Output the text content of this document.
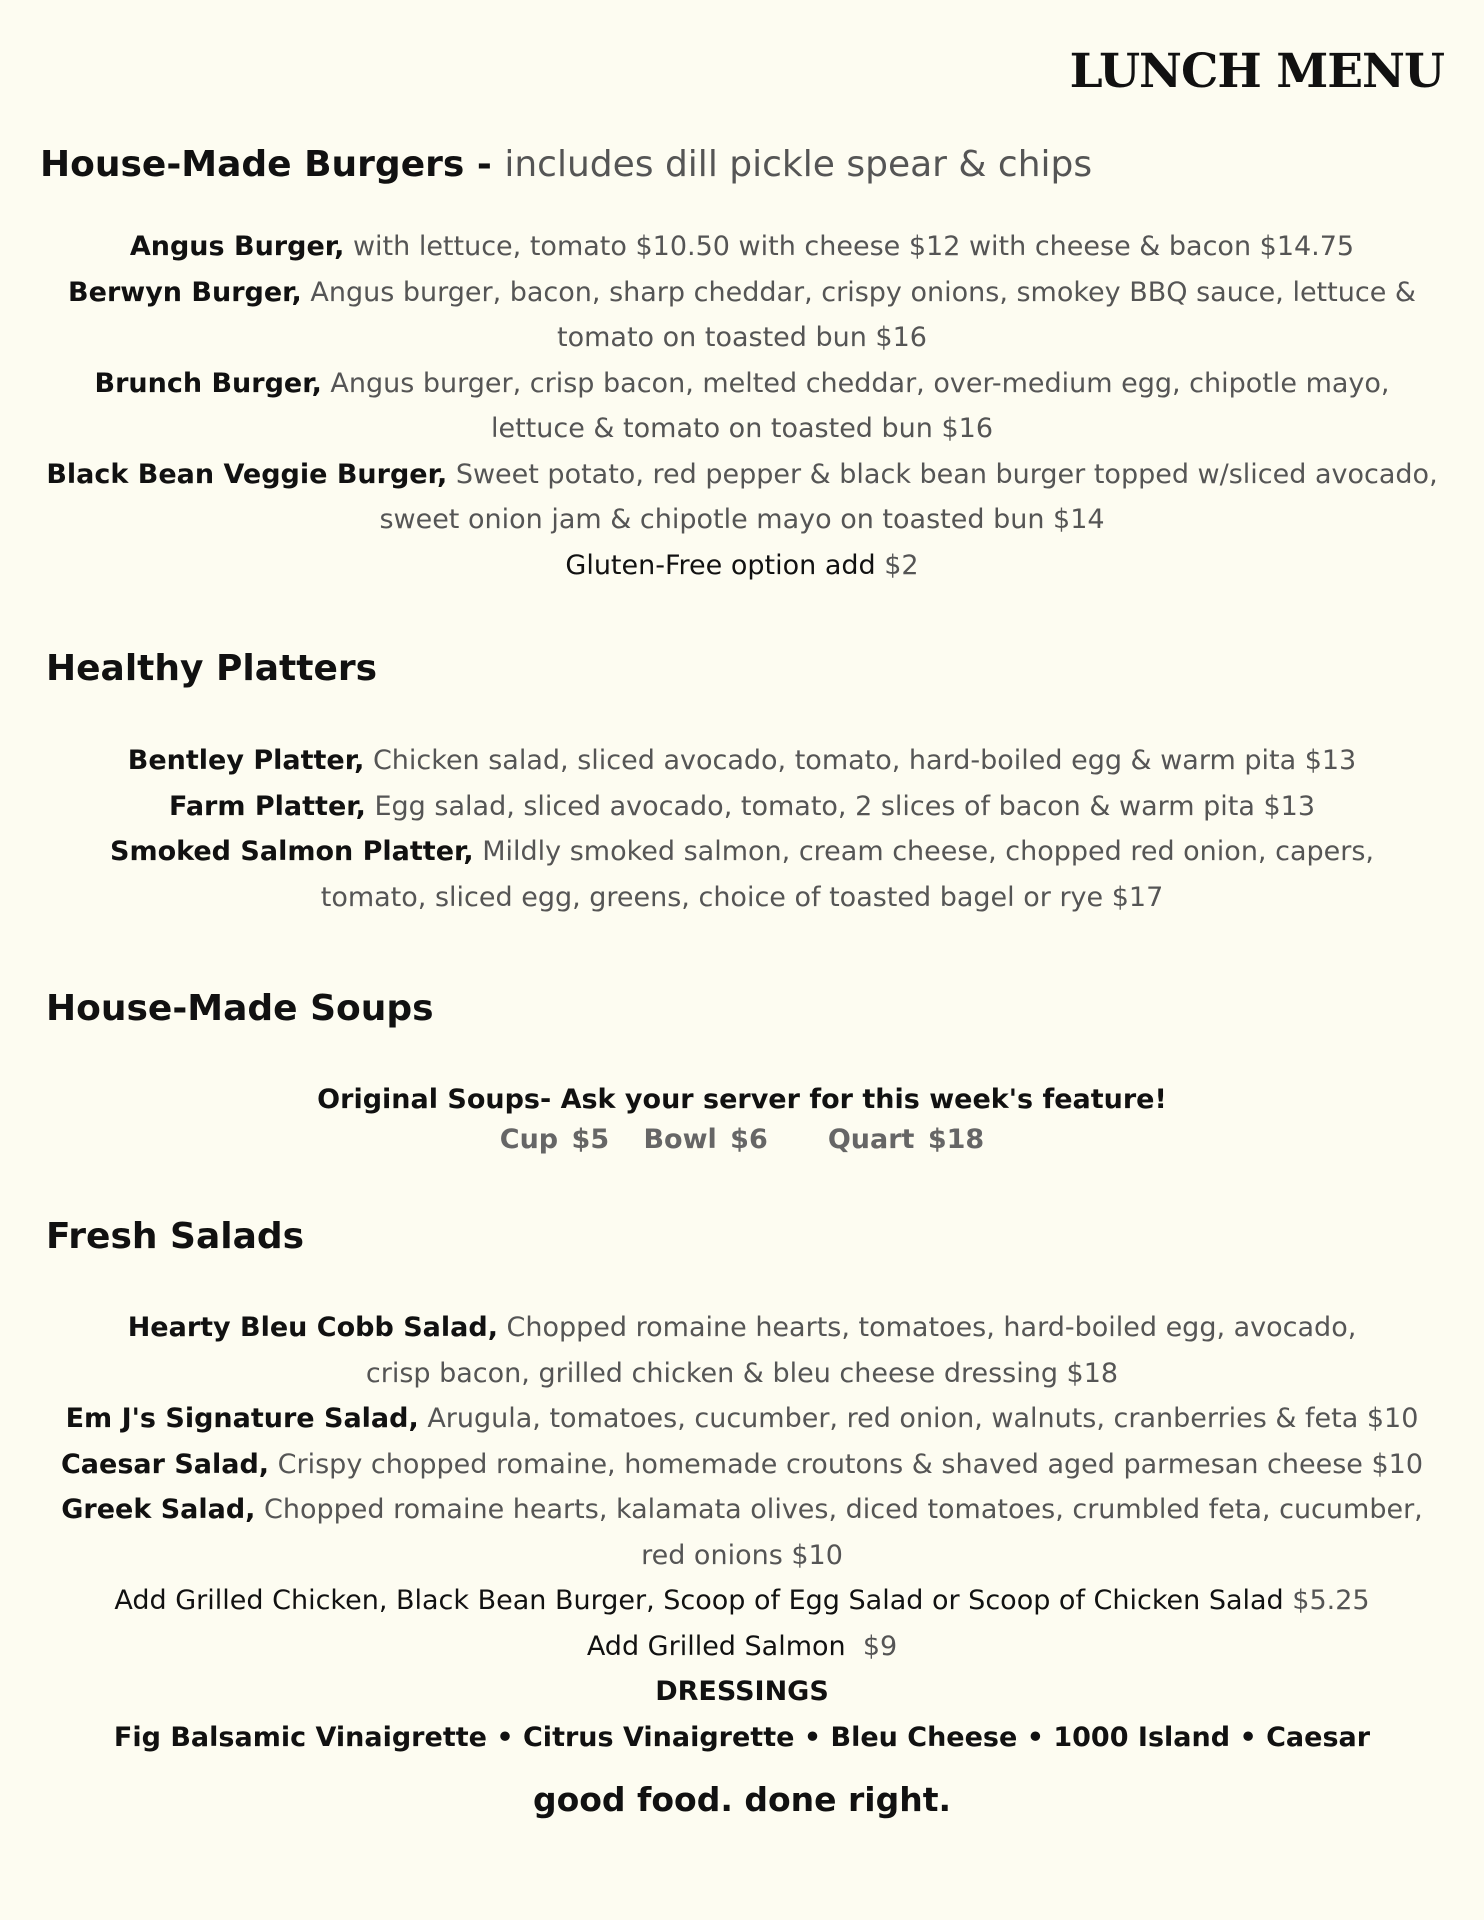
LUNCH MENU
House-Made Burgers - includes dill pickle spear & chips
Angus Burger, with lettuce, tomato $10.50 with cheese $12 with cheese & bacon $14.75
Berwyn Burger, Angus burger, bacon, sharp cheddar, crispy onions, smokey BBQ sauce, lettuce &
tomato on toasted bun $16
Brunch Burger, Angus burger, crisp bacon, melted cheddar, over-medium egg, chipotle mayo,
lettuce & tomato on toasted bun $16
Black Bean Veggie Burger, Sweet potato, red pepper & black bean burger topped w/sliced avocado,
sweet onion jam & chipotle mayo on toasted bun $14
Gluten-Free option add $2
Healthy Platters
Bentley Platter, Chicken salad, sliced avocado, tomato, hard-boiled egg & warm pita $13
Farm Platter, Egg salad, sliced avocado, tomato, 2 slices of bacon & warm pita $13
Smoked Salmon Platter, Mildly smoked salmon, cream cheese, chopped red onion, capers,
tomato, sliced egg, greens, choice of toasted bagel or rye $17
House-Made Soups
Original Soups- Ask your server for this week's feature!
Cup $5 Bowl $6 Quart $18
Fresh Salads
Hearty Bleu Cobb Salad, Chopped romaine hearts, tomatoes, hard-boiled egg, avocado,
crisp bacon, grilled chicken & bleu cheese dressing $18
Em J's Signature Salad, Arugula, tomatoes, cucumber, red onion, walnuts, cranberries & feta $10
Caesar Salad, Crispy chopped romaine, homemade croutons & shaved aged parmesan cheese $10
Greek Salad, Chopped romaine hearts, kalamata olives, diced tomatoes, crumbled feta, cucumber,
red onions $10
Add Grilled Chicken, Black Bean Burger, Scoop of Egg Salad or Scoop of Chicken Salad $5.25
Add Grilled Salmon $9
DRESSINGS
Fig Balsamic Vinaigrette • Citrus Vinaigrette • Bleu Cheese • 1000 Island • Caesar
good food. done right.
